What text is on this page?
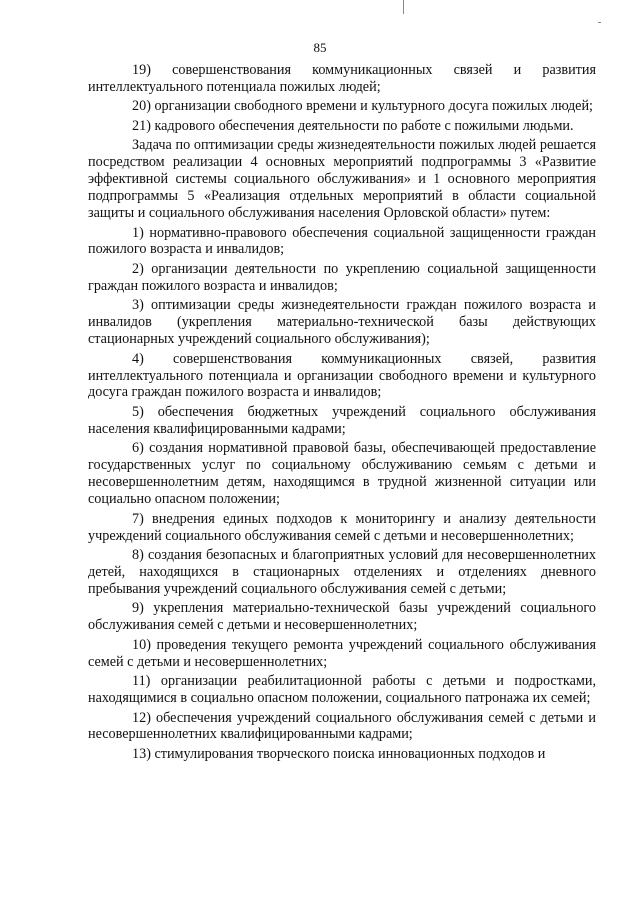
85

19) совершенствования коммуникационных связей и развития интеллектуального потенциала пожилых людей;

20) организации свободного времени и культурного досуга пожилых людей;

21) кадрового обеспечения деятельности по работе с пожилыми людьми.

Задача по оптимизации среды жизнедеятельности пожилых людей решается посредством реализации 4 основных мероприятий подпрограммы 3 «Развитие эффективной системы социального обслуживания» и 1 основного мероприятия подпрограммы 5 «Реализация отдельных мероприятий в области социальной защиты и социального обслуживания населения Орловской области» путем:

1) нормативно-правового обеспечения социальной защищенности граждан пожилого возраста и инвалидов;

2) организации деятельности по укреплению социальной защищенности граждан пожилого возраста и инвалидов;

3) оптимизации среды жизнедеятельности граждан пожилого возраста и инвалидов (укрепления материально-технической базы действующих стационарных учреждений социального обслуживания);

4) совершенствования коммуникационных связей, развития интеллектуального потенциала и организации свободного времени и культурного досуга граждан пожилого возраста и инвалидов;

5) обеспечения бюджетных учреждений социального обслуживания населения квалифицированными кадрами;

6) создания нормативной правовой базы, обеспечивающей предоставление государственных услуг по социальному обслуживанию семьям с детьми и несовершеннолетним детям, находящимся в трудной жизненной ситуации или социально опасном положении;

7) внедрения единых подходов к мониторингу и анализу деятельности учреждений социального обслуживания семей с детьми и несовершеннолетних;

8) создания безопасных и благоприятных условий для несовершеннолетних детей, находящихся в стационарных отделениях и отделениях дневного пребывания учреждений социального обслуживания семей с детьми;

9) укрепления материально-технической базы учреждений социального обслуживания семей с детьми и несовершеннолетних;

10) проведения текущего ремонта учреждений социального обслуживания семей с детьми и несовершеннолетних;

11) организации реабилитационной работы с детьми и подростками, находящимися в социально опасном положении, социального патронажа их семей;

12) обеспечения учреждений социального обслуживания семей с детьми и несовершеннолетних квалифицированными кадрами;

13) стимулирования творческого поиска инновационных подходов и
